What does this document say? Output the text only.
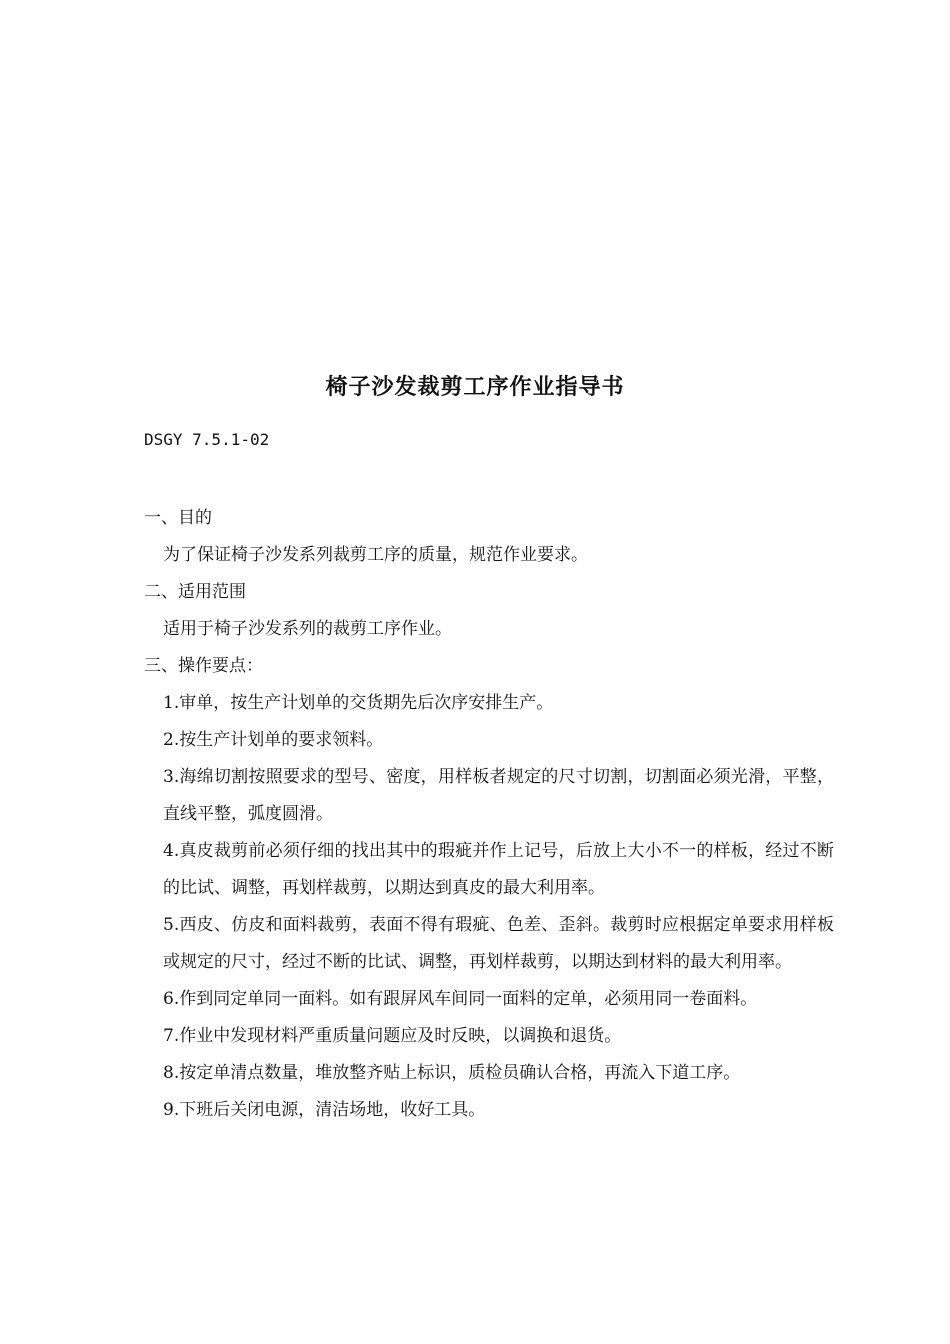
椅子沙发裁剪工序作业指导书
DSGY 7.5.1-02

一、目的

为了保证椅子沙发系列裁剪工序的质量，规范作业要求。

二、适用范围

适用于椅子沙发系列的裁剪工序作业。

三、操作要点：

1.审单，按生产计划单的交货期先后次序安排生产。

2.按生产计划单的要求领料。

3.海绵切割按照要求的型号、密度，用样板者规定的尺寸切割，切割面必须光滑，平整，直线平整，弧度圆滑。

4.真皮裁剪前必须仔细的找出其中的瑕疵并作上记号，后放上大小不一的样板，经过不断的比试、调整，再划样裁剪，以期达到真皮的最大利用率。

5.西皮、仿皮和面料裁剪，表面不得有瑕疵、色差、歪斜。裁剪时应根据定单要求用样板或规定的尺寸，经过不断的比试、调整，再划样裁剪，以期达到材料的最大利用率。

6.作到同定单同一面料。如有跟屏风车间同一面料的定单，必须用同一卷面料。

7.作业中发现材料严重质量问题应及时反映，以调换和退货。

8.按定单清点数量，堆放整齐贴上标识，质检员确认合格，再流入下道工序。

9.下班后关闭电源，清洁场地，收好工具。
